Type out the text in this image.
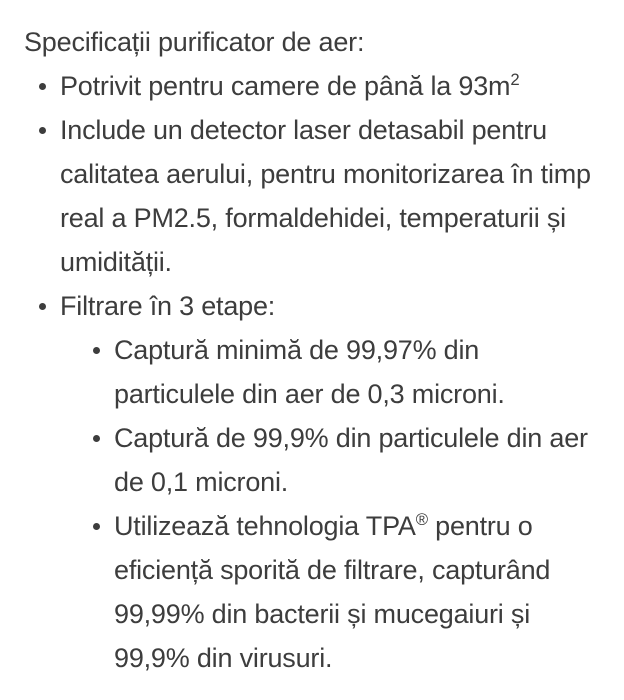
Specificații purificator de aer:

Potrivit pentru camere de până la $93m^2$
Include un detector laser detasabil pentru calitatea aerului, pentru monitorizarea în timp real a PM2.5, formaldehidei, temperaturii și umidității.
Filtrare în 3 etape:
Captură minimă de 99,97% din particulele din aer de 0,3 microni.
Captură de 99,9% din particulele din aer de 0,1 microni.
Utilizează tehnologia TPA® pentru o eficiență sporită de filtrare, capturând 99,99% din bacterii și mucegaiuri și 99,9% din virusuri.
